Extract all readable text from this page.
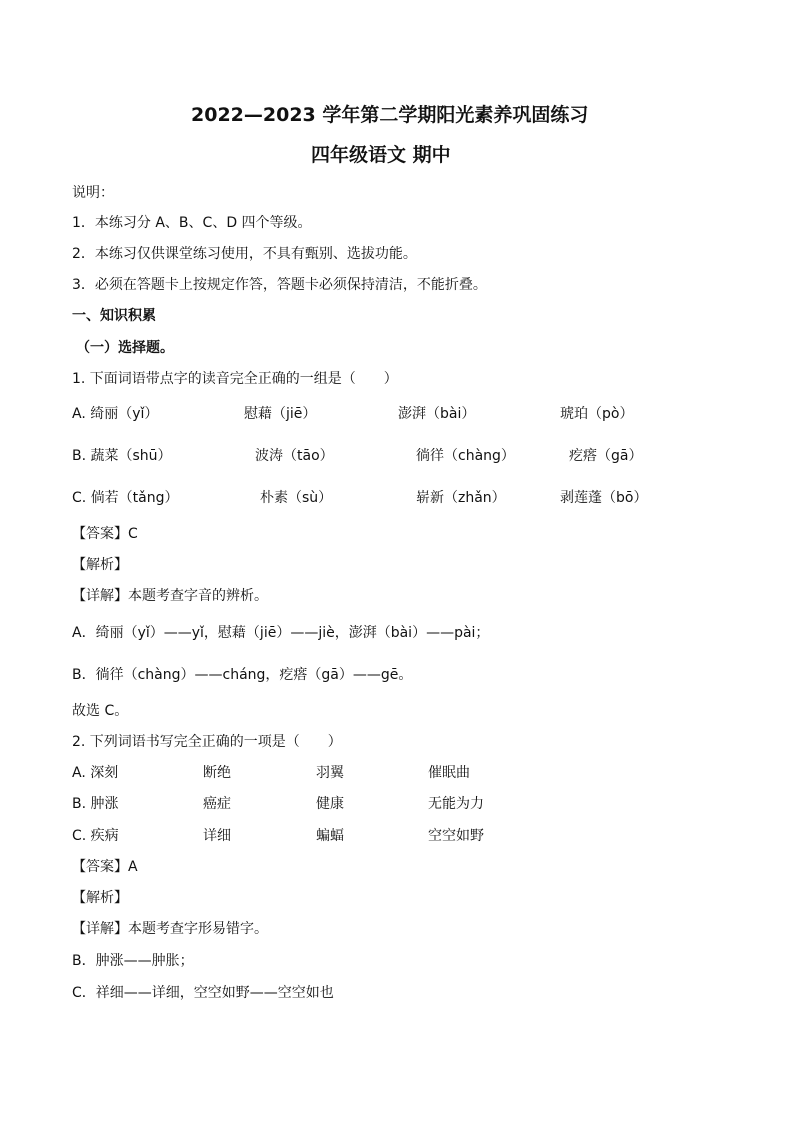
2022—2023 学年第二学期阳光素养巩固练习
四年级语文 期中
说明：
1．本练习分 A、B、C、D 四个等级。
2．本练习仅供课堂练习使用，不具有甄别、选拔功能。
3．必须在答题卡上按规定作答，答题卡必须保持清洁，不能折叠。
一、知识积累
（一）选择题。
1. 下面词语带点字的读音完全正确的一组是（　　）
A. 绮丽（yǐ）	慰藉（jiē）	澎湃（bài）	琥珀（pò）
B. 蔬菜（shū）	波涛（tāo）	徜徉（chàng）	疙瘩（gā）
C. 倘若（tǎng）	朴素（sù）	崭新（zhǎn）	剥莲蓬（bō）
【答案】C
【解析】
【详解】本题考查字音的辨析。
A．绮丽（yǐ）——yǐ，慰藉（jiē）——jiè，澎湃（bài）——pài；
B．徜徉（chàng）——cháng，疙瘩（gā）——gē。
故选 C。
2. 下列词语书写完全正确的一项是（　　）
A. 深刻	断绝	羽翼	催眠曲
B. 肿涨	癌症	健康	无能为力
C. 疾病	详细	蝙蝠	空空如野
【答案】A
【解析】
【详解】本题考查字形易错字。
B．肿涨——肿胀；
C．祥细——详细，空空如野——空空如也
